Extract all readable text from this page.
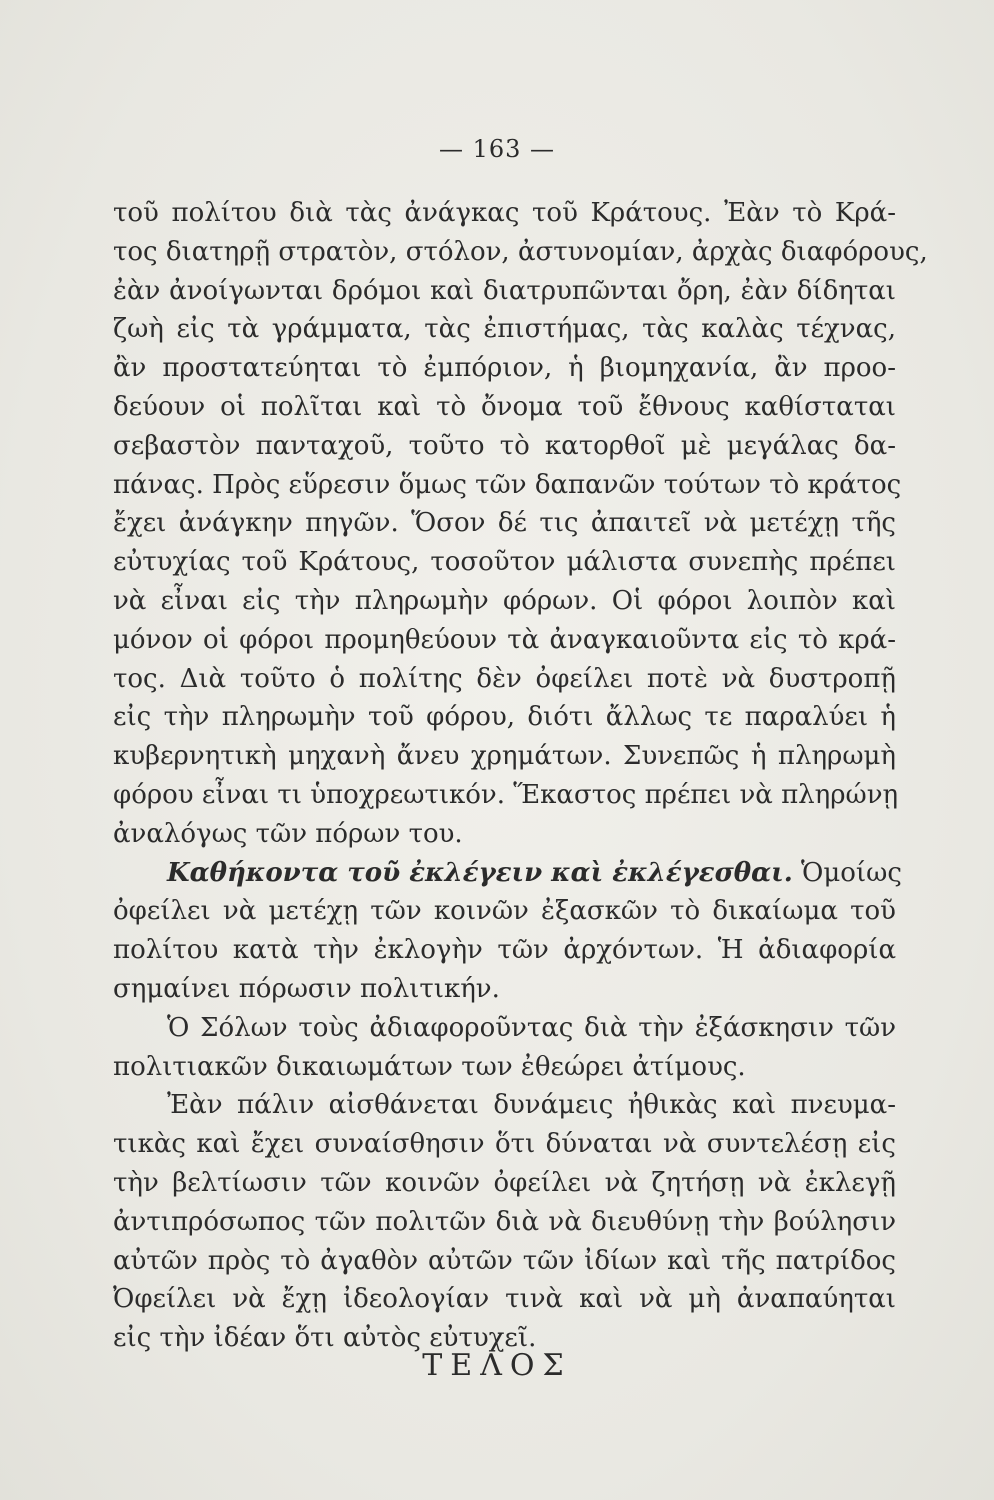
— 163 —
τοῦ πολίτου διὰ τὰς ἀνάγκας τοῦ Κράτους. Ἐὰν τὸ Κρά-
τος διατηρῇ στρατὸν, στόλον, ἀστυνομίαν, ἀρχὰς διαφόρους,
ἐὰν ἀνοίγωνται δρόμοι καὶ διατρυπῶνται ὄρη, ἐὰν δίδηται
ζωὴ εἰς τὰ γράμματα, τὰς ἐπιστήμας, τὰς καλὰς τέχνας,
ἂν προστατεύηται τὸ ἐμπόριον, ἡ βιομηχανία, ἂν προο-
δεύουν οἱ πολῖται καὶ τὸ ὄνομα τοῦ ἔθνους καθίσταται
σεβαστὸν πανταχοῦ, τοῦτο τὸ κατορθοῖ μὲ μεγάλας δα-
πάνας. Πρὸς εὕρεσιν ὅμως τῶν δαπανῶν τούτων τὸ κράτος
ἔχει ἀνάγκην πηγῶν. Ὅσον δέ τις ἀπαιτεῖ νὰ μετέχῃ τῆς
εὐτυχίας τοῦ Κράτους, τοσοῦτον μάλιστα συνεπὴς πρέπει
νὰ εἶναι εἰς τὴν πληρωμὴν φόρων. Οἱ φόροι λοιπὸν καὶ
μόνον οἱ φόροι προμηθεύουν τὰ ἀναγκαιοῦντα εἰς τὸ κρά-
τος. Διὰ τοῦτο ὁ πολίτης δὲν ὀφείλει ποτὲ νὰ δυστροπῇ
εἰς τὴν πληρωμὴν τοῦ φόρου, διότι ἄλλως τε παραλύει ἡ
κυβερνητικὴ μηχανὴ ἄνευ χρημάτων. Συνεπῶς ἡ πληρωμὴ
φόρου εἶναι τι ὑποχρεωτικόν. Ἕκαστος πρέπει νὰ πληρώνῃ
ἀναλόγως τῶν πόρων του.
Καθήκοντα τοῦ ἐκλέγειν καὶ ἐκλέγεσθαι. Ὁμοίως
ὀφείλει νὰ μετέχῃ τῶν κοινῶν ἐξασκῶν τὸ δικαίωμα τοῦ
πολίτου κατὰ τὴν ἐκλογὴν τῶν ἀρχόντων. Ἡ ἀδιαφορία
σημαίνει πόρωσιν πολιτικήν.
Ὁ Σόλων τοὺς ἀδιαφοροῦντας διὰ τὴν ἐξάσκησιν τῶν
πολιτιακῶν δικαιωμάτων των ἐθεώρει ἀτίμους.
Ἐὰν πάλιν αἰσθάνεται δυνάμεις ἠθικὰς καὶ πνευμα-
τικὰς καὶ ἔχει συναίσθησιν ὅτι δύναται νὰ συντελέσῃ εἰς
τὴν βελτίωσιν τῶν κοινῶν ὀφείλει νὰ ζητήσῃ νὰ ἐκλεγῇ
ἀντιπρόσωπος τῶν πολιτῶν διὰ νὰ διευθύνῃ τὴν βούλησιν
αὐτῶν πρὸς τὸ ἀγαθὸν αὐτῶν τῶν ἰδίων καὶ τῆς πατρίδος
Ὀφείλει νὰ ἔχῃ ἰδεολογίαν τινὰ καὶ νὰ μὴ ἀναπαύηται
εἰς τὴν ἰδέαν ὅτι αὐτὸς εὐτυχεῖ.
ΤΕΛΟΣ
